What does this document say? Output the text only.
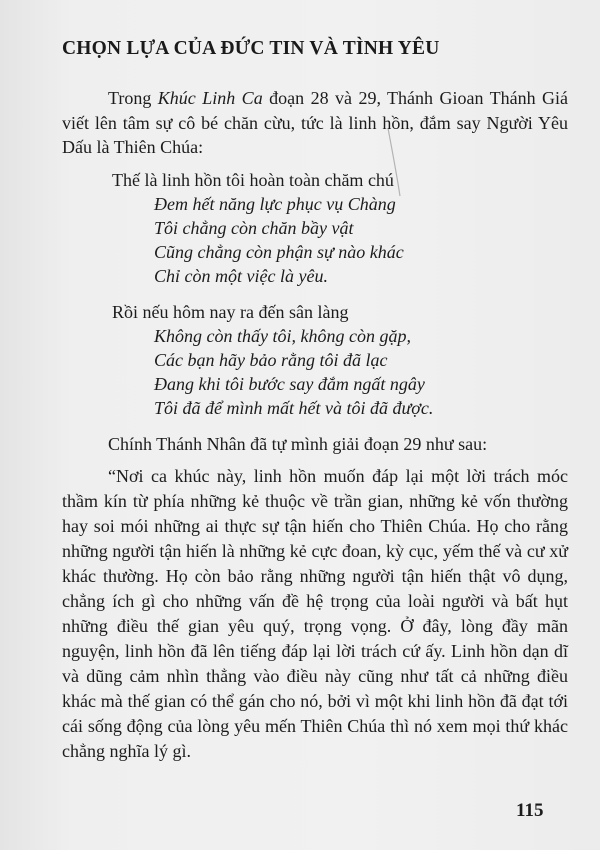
CHỌN LỰA CỦA ĐỨC TIN VÀ TÌNH YÊU

Trong Khúc Linh Ca đoạn 28 và 29, Thánh Gioan Thánh Giá viết lên tâm sự cô bé chăn cừu, tức là linh hồn, đắm say Người Yêu Dấu là Thiên Chúa:

Thế là linh hồn tôi hoàn toàn chăm chú
Đem hết năng lực phục vụ Chàng
Tôi chẳng còn chăn bầy vật
Cũng chẳng còn phận sự nào khác
Chỉ còn một việc là yêu.
Rồi nếu hôm nay ra đến sân làng
Không còn thấy tôi, không còn gặp,
Các bạn hãy bảo rằng tôi đã lạc
Đang khi tôi bước say đắm ngất ngây
Tôi đã để mình mất hết và tôi đã được.

Chính Thánh Nhân đã tự mình giải đoạn 29 như sau:

“Nơi ca khúc này, linh hồn muốn đáp lại một lời trách móc thầm kín từ phía những kẻ thuộc về trần gian, những kẻ vốn thường hay soi mói những ai thực sự tận hiến cho Thiên Chúa. Họ cho rằng những người tận hiến là những kẻ cực đoan, kỳ cục, yếm thế và cư xử khác thường. Họ còn bảo rằng những người tận hiến thật vô dụng, chẳng ích gì cho những vấn đề hệ trọng của loài người và bất hụt những điều thế gian yêu quý, trọng vọng. Ở đây, lòng đầy mãn nguyện, linh hồn đã lên tiếng đáp lại lời trách cứ ấy. Linh hồn dạn dĩ và dũng cảm nhìn thẳng vào điều này cũng như tất cả những điều khác mà thế gian có thể gán cho nó, bởi vì một khi linh hồn đã đạt tới cái sống động của lòng yêu mến Thiên Chúa thì nó xem mọi thứ khác chẳng nghĩa lý gì.

115
